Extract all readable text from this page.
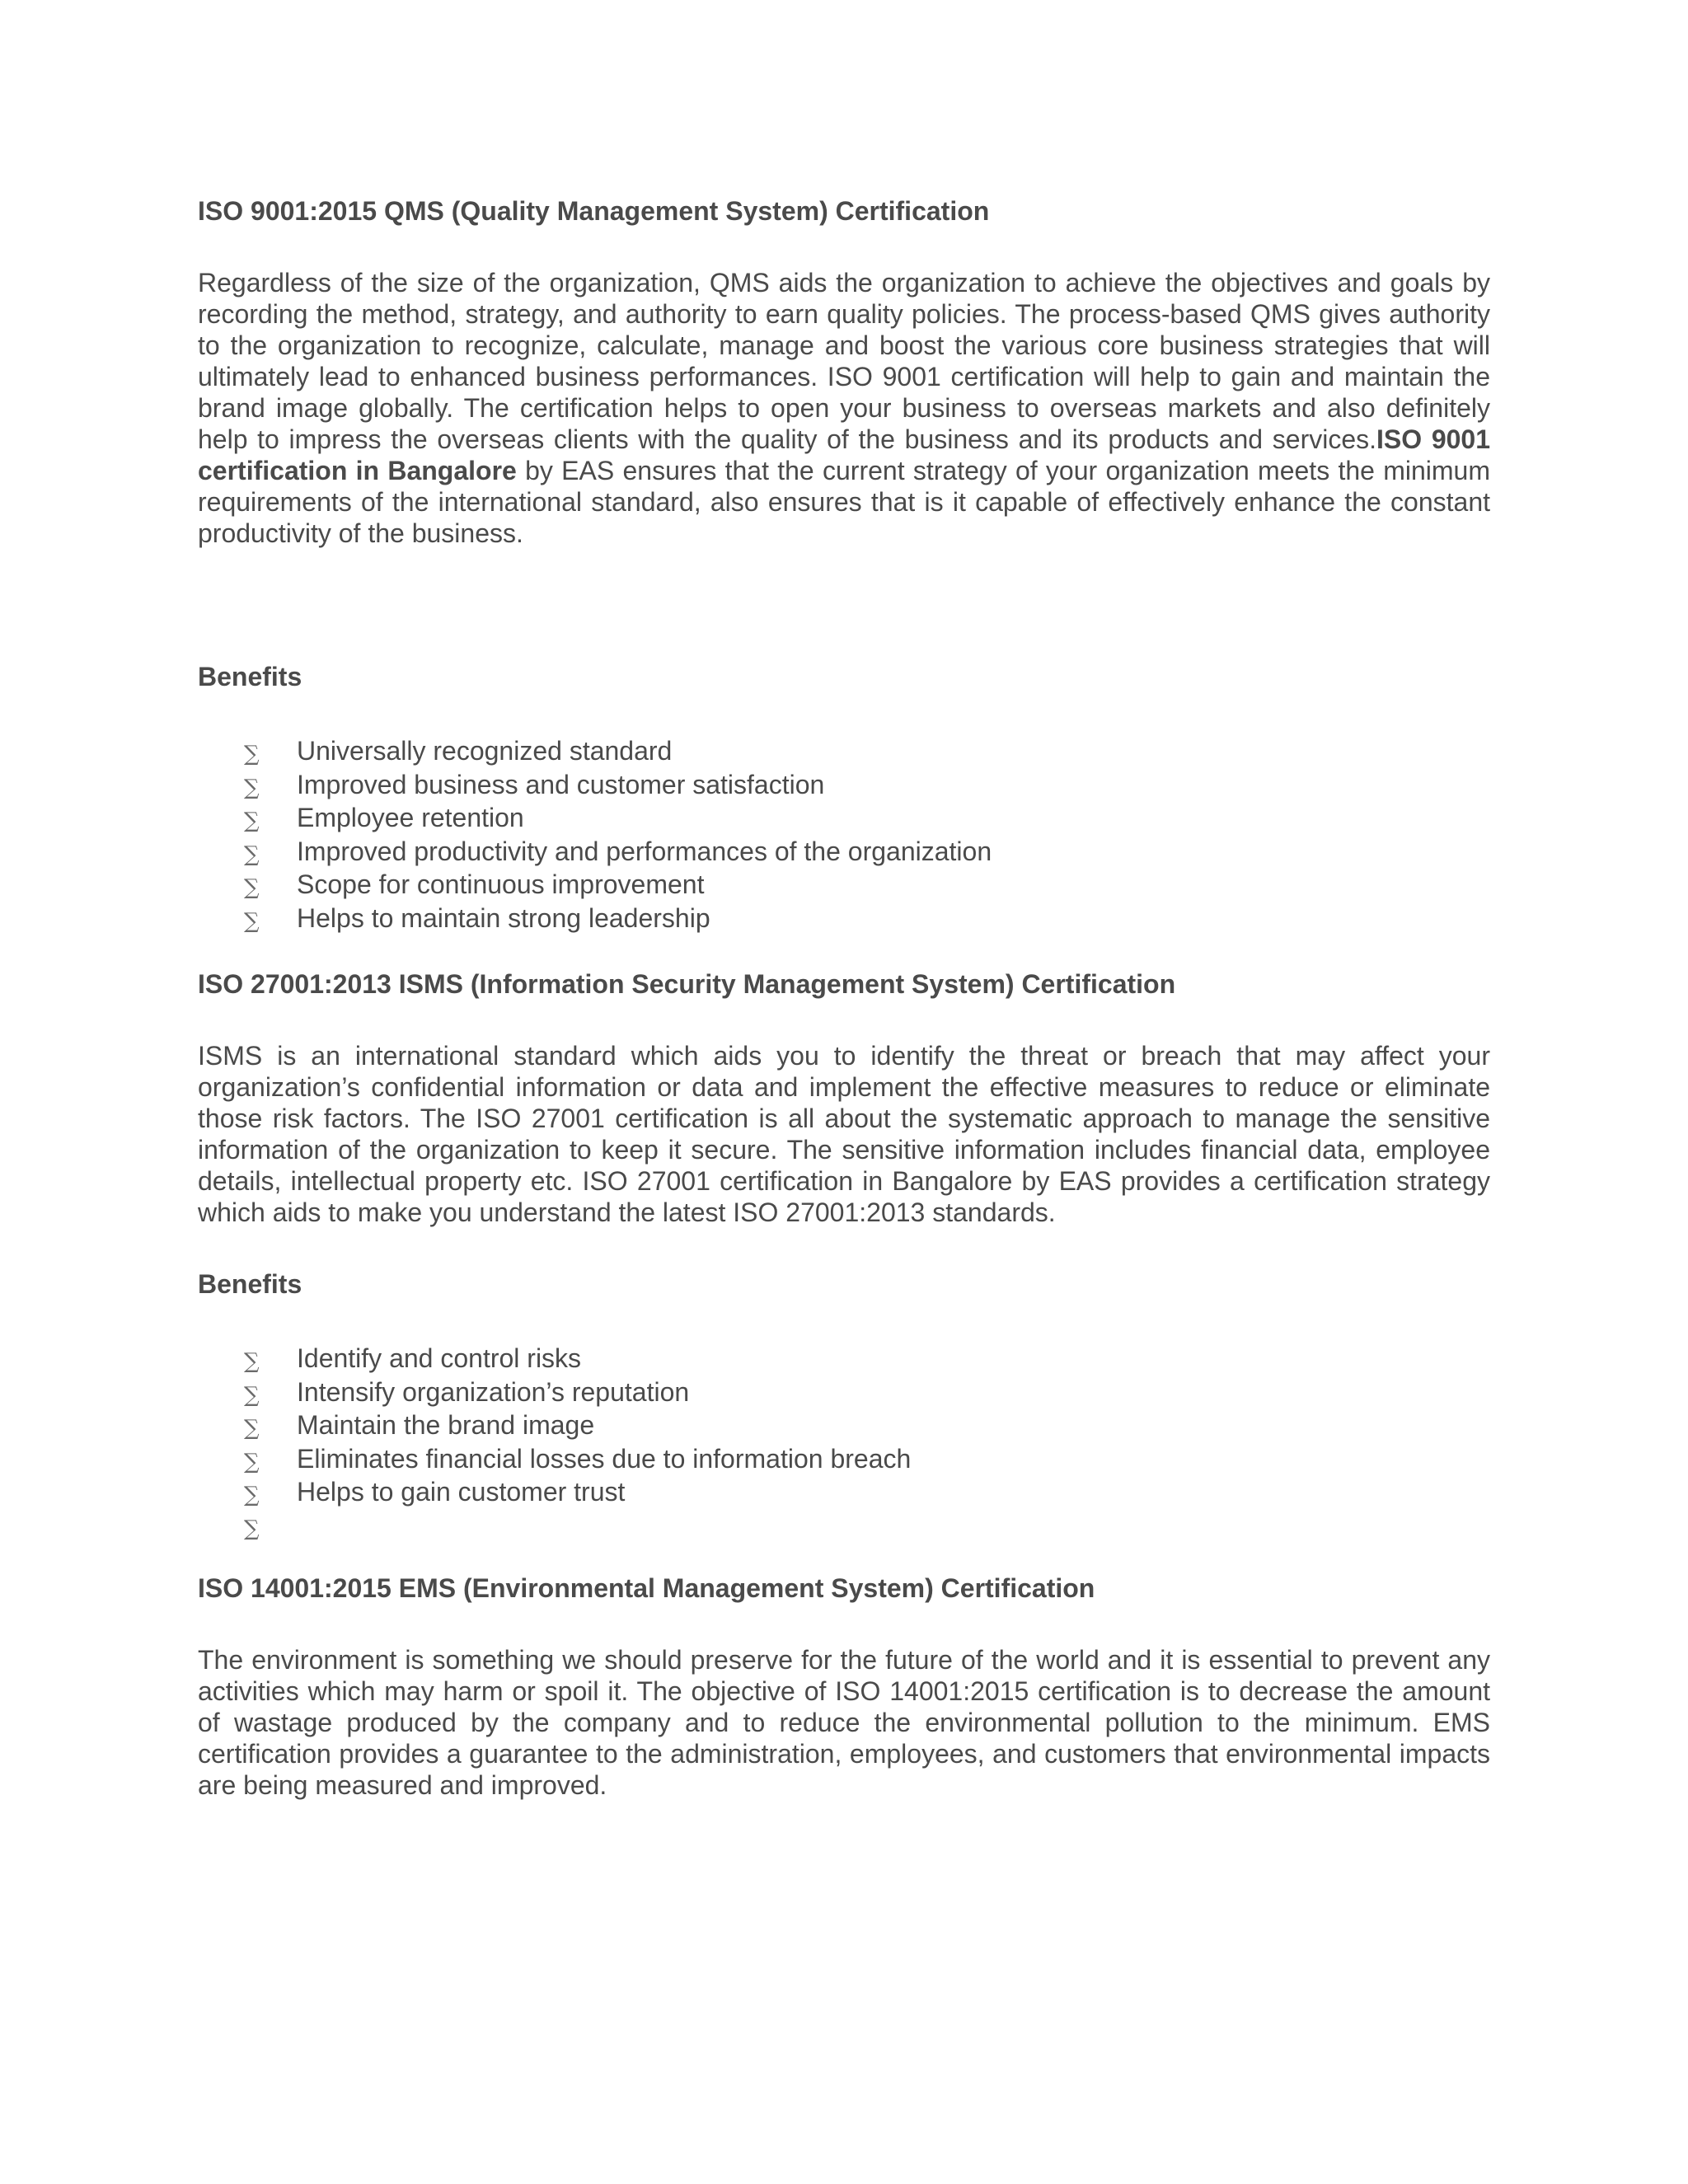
ISO 9001:2015 QMS (Quality Management System) Certification

Regardless of the size of the organization, QMS aids the organization to achieve the objectives and goals by recording the method, strategy, and authority to earn quality policies. The process-based QMS gives authority to the organization to recognize, calculate, manage and boost the various core business strategies that will ultimately lead to enhanced business performances. ISO 9001 certification will help to gain and maintain the brand image globally. The certification helps to open your business to overseas markets and also definitely help to impress the overseas clients with the quality of the business and its products and services.ISO 9001 certification in Bangalore by EAS ensures that the current strategy of your organization meets the minimum requirements of the international standard, also ensures that is it capable of effectively enhance the constant productivity of the business.

Benefits
∑ Universally recognized standard
∑ Improved business and customer satisfaction
∑ Employee retention
∑ Improved productivity and performances of the organization
∑ Scope for continuous improvement
∑ Helps to maintain strong leadership
ISO 27001:2013 ISMS (Information Security Management System) Certification

ISMS is an international standard which aids you to identify the threat or breach that may affect your organization’s confidential information or data and implement the effective measures to reduce or eliminate those risk factors. The ISO 27001 certification is all about the systematic approach to manage the sensitive information of the organization to keep it secure. The sensitive information includes financial data, employee details, intellectual property etc. ISO 27001 certification in Bangalore by EAS provides a certification strategy which aids to make you understand the latest ISO 27001:2013 standards.

Benefits
∑ Identify and control risks
∑ Intensify organization’s reputation
∑ Maintain the brand image
∑ Eliminates financial losses due to information breach
∑ Helps to gain customer trust
∑
ISO 14001:2015 EMS (Environmental Management System) Certification

The environment is something we should preserve for the future of the world and it is essential to prevent any activities which may harm or spoil it. The objective of ISO 14001:2015 certification is to decrease the amount of wastage produced by the company and to reduce the environmental pollution to the minimum. EMS certification provides a guarantee to the administration, employees, and customers that environmental impacts are being measured and improved.
